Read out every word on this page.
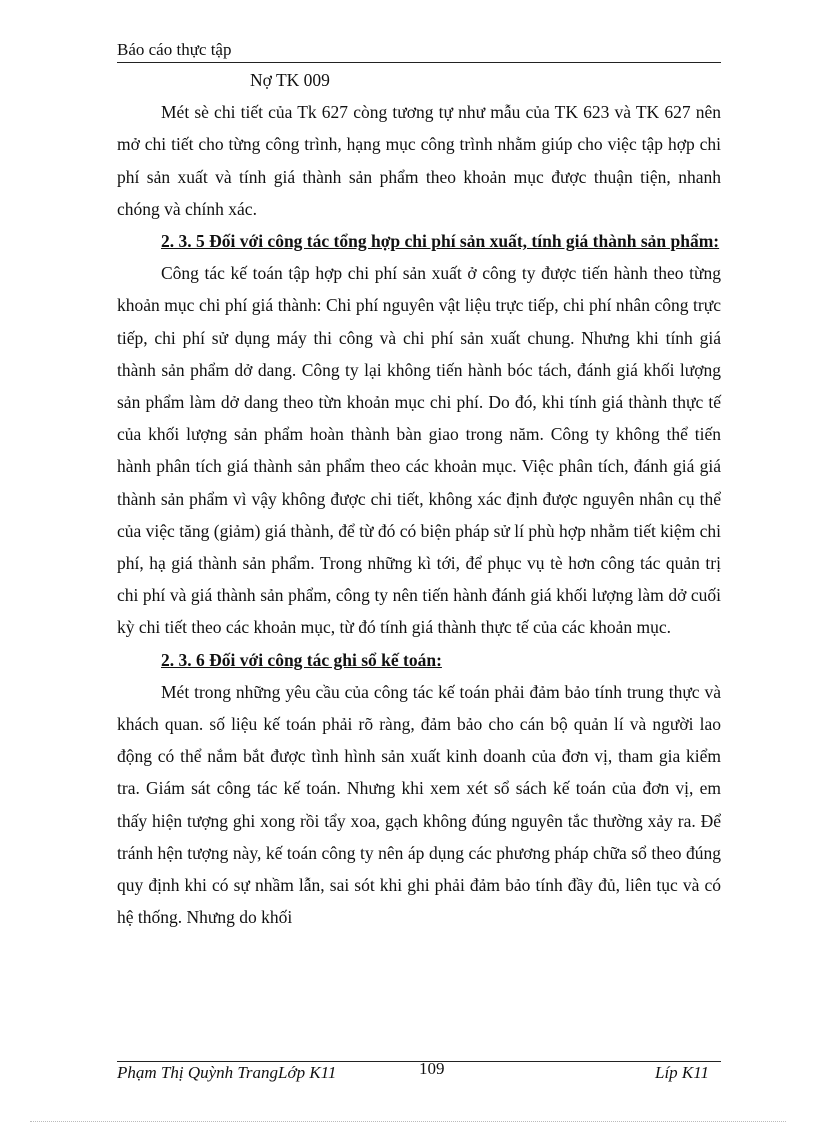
Báo cáo thực tập

Nợ TK 009

Mét sè chi tiết của Tk 627 còng tương tự như mẫu của TK 623 và TK 627 nên mở chi tiết cho từng công trình, hạng mục công trình nhằm giúp cho việc tập hợp chi phí sản xuất và tính giá thành sản phẩm theo khoản mục được thuận tiện, nhanh chóng và chính xác.

2. 3. 5 Đối với công tác tổng hợp chi phí sản xuất, tính giá thành sản phẩm:

Công tác kế toán tập hợp chi phí sản xuất ở công ty được tiến hành theo từng khoản mục chi phí giá thành: Chi phí nguyên vật liệu trực tiếp, chi phí nhân công trực tiếp, chi phí sử dụng máy thi công và chi phí sản xuất chung. Nhưng khi tính giá thành sản phẩm dở dang. Công ty lại không tiến hành bóc tách, đánh giá khối lượng sản phẩm làm dở dang theo từn khoản mục chi phí. Do đó, khi tính giá thành thực tế của khối lượng sản phẩm hoàn thành bàn giao trong năm. Công ty không thể tiến hành phân tích giá thành sản phẩm theo các khoản mục. Việc phân tích, đánh giá giá thành sản phẩm vì vậy không được chi tiết, không xác định được nguyên nhân cụ thể của việc tăng (giảm) giá thành, để từ đó có biện pháp sử lí phù hợp nhằm tiết kiệm chi phí, hạ giá thành sản phẩm. Trong những kì tới, để phục vụ tè hơn công tác quản trị chi phí và giá thành sản phẩm, công ty nên tiến hành đánh giá khối lượng làm dở cuối kỳ chi tiết theo các khoản mục, từ đó tính giá thành thực tế của các khoản mục.

2. 3. 6 Đối với công tác ghi sổ kế toán:

Mét trong những yêu cầu của công tác kế toán phải đảm bảo tính trung thực và khách quan. số liệu kế toán phải rõ ràng, đảm bảo cho cán bộ quản lí và người lao động có thể nắm bắt được tình hình sản xuất kinh doanh của đơn vị, tham gia kiểm tra. Giám sát công tác kế toán. Nhưng khi xem xét sổ sách kế toán của đơn vị, em thấy hiện tượng ghi xong rồi tẩy xoa, gạch không đúng nguyên tắc thường xảy ra. Để tránh hện tượng này, kế toán công ty nên áp dụng các phương pháp chữa sổ theo đúng quy định khi có sự nhầm lẫn, sai sót khi ghi phải đảm bảo tính đầy đủ, liên tục và có hệ thống. Nhưng do khối

Phạm Thị Quỳnh TrangLớp K11	109	Líp K11
